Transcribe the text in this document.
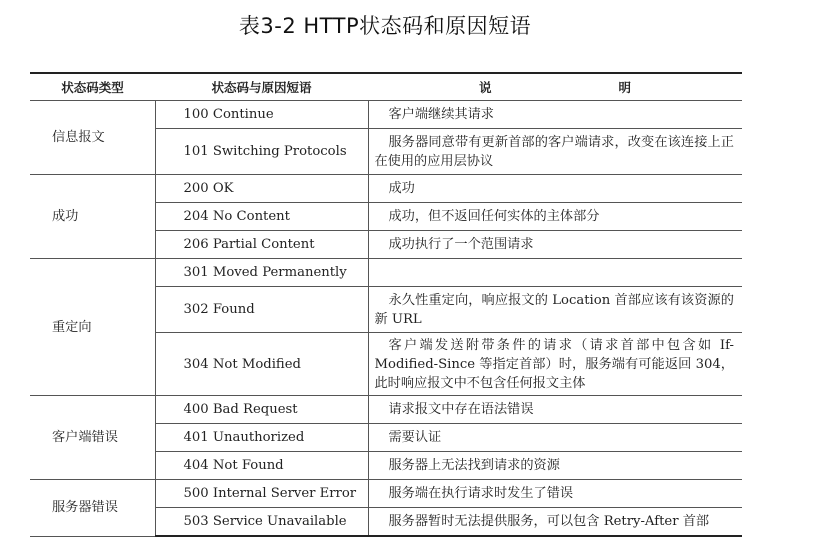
表3-2 HTTP状态码和原因短语
状态码类型	状态码与原因短语	说　　明
信息报文	100 Continue	客户端继续其请求
	101 Switching Protocols	服务器同意带有更新首部的客户端请求，改变在该连接上正在使用的应用层协议
成功	200 OK	成功
	204 No Content	成功，但不返回任何实体的主体部分
	206 Partial Content	成功执行了一个范围请求
重定向	301 Moved Permanently	
	302 Found	永久性重定向，响应报文的 Location 首部应该有该资源的新 URL
	304 Not Modified	客户端发送附带条件的请求（请求首部中包含如 If-Modified-Since 等指定首部）时，服务端有可能返回 304，此时响应报文中不包含任何报文主体
客户端错误	400 Bad Request	请求报文中存在语法错误
	401 Unauthorized	需要认证
	404 Not Found	服务器上无法找到请求的资源
服务器错误	500 Internal Server Error	服务端在执行请求时发生了错误
	503 Service Unavailable	服务器暂时无法提供服务，可以包含 Retry-After 首部
